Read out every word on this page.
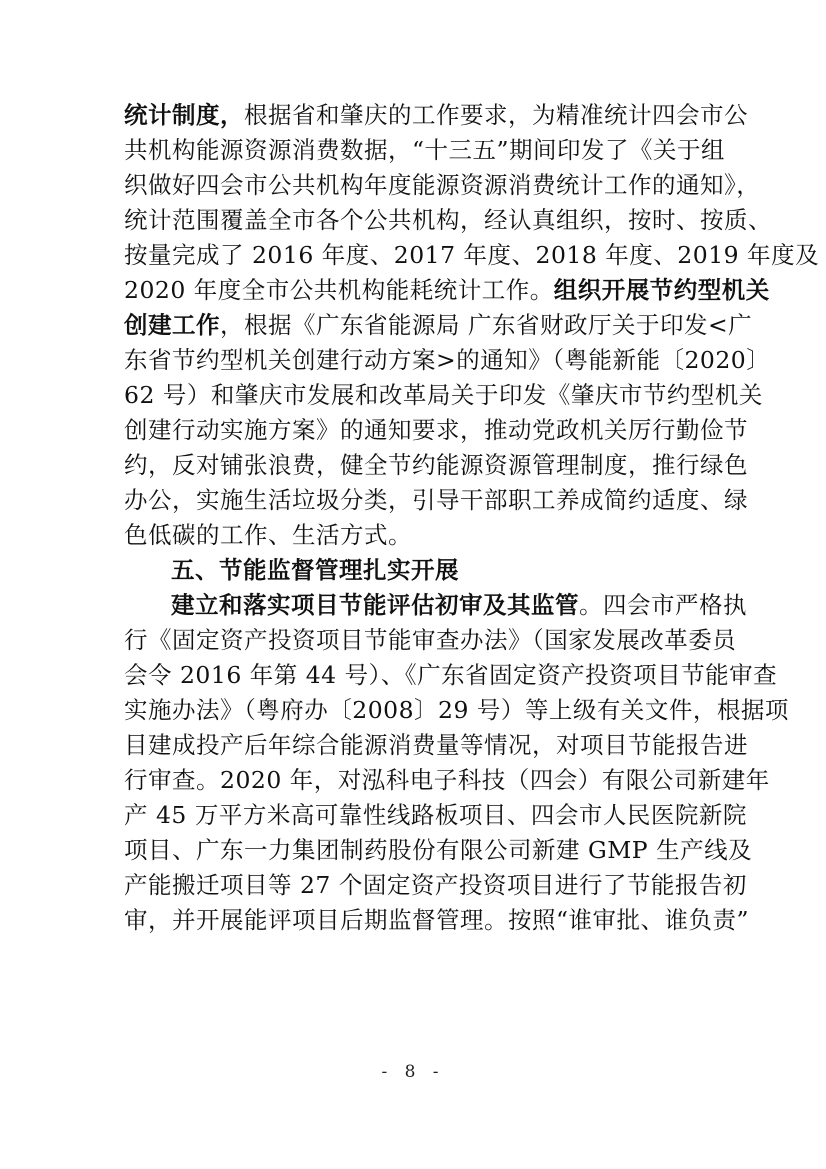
统计制度，根据省和肇庆的工作要求，为精准统计四会市公
共机构能源资源消费数据，“十三五”期间印发了《关于组
织做好四会市公共机构年度能源资源消费统计工作的通知》，
统计范围覆盖全市各个公共机构，经认真组织，按时、按质、
按量完成了 2016 年度、2017 年度、2018 年度、2019 年度及
2020 年度全市公共机构能耗统计工作。组织开展节约型机关
创建工作，根据《广东省能源局 广东省财政厅关于印发<广
东省节约型机关创建行动方案>的通知》（粤能新能〔2020〕
62 号）和肇庆市发展和改革局关于印发《肇庆市节约型机关
创建行动实施方案》的通知要求，推动党政机关厉行勤俭节
约，反对铺张浪费，健全节约能源资源管理制度，推行绿色
办公，实施生活垃圾分类，引导干部职工养成简约适度、绿
色低碳的工作、生活方式。
五、节能监督管理扎实开展
建立和落实项目节能评估初审及其监管。四会市严格执
行《固定资产投资项目节能审查办法》（国家发展改革委员
会令 2016 年第 44 号）、《广东省固定资产投资项目节能审查
实施办法》（粤府办〔2008〕29 号）等上级有关文件，根据项
目建成投产后年综合能源消费量等情况，对项目节能报告进
行审查。2020 年，对泓科电子科技（四会）有限公司新建年
产 45 万平方米高可靠性线路板项目、四会市人民医院新院
项目、广东一力集团制药股份有限公司新建 GMP 生产线及
产能搬迁项目等 27 个固定资产投资项目进行了节能报告初
审，并开展能评项目后期监督管理。按照“谁审批、谁负责”
- 8 -
